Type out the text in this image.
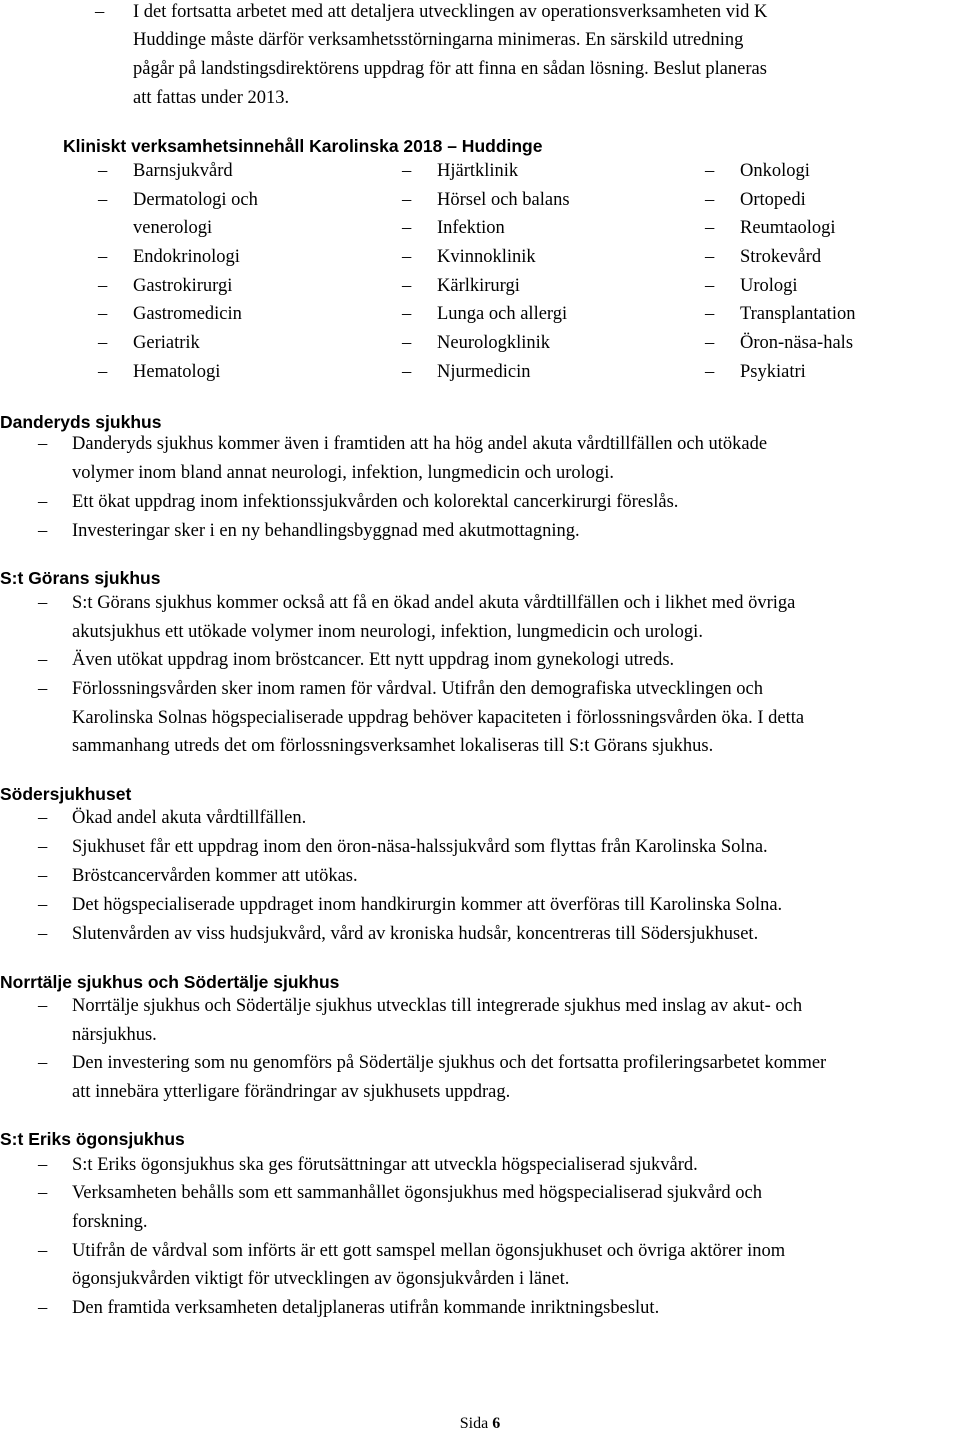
– I det fortsatta arbetet med att detaljera utvecklingen av operationsverksamheten vid K
Huddinge måste därför verksamhetsstörningarna minimeras. En särskild utredning
pågår på landstingsdirektörens uppdrag för att finna en sådan lösning. Beslut planeras
att fattas under 2013.
Kliniskt verksamhetsinnehåll Karolinska 2018 – Huddinge
– Barnsjukvård
– Dermatologi och
venerologi
– Endokrinologi
– Gastrokirurgi
– Gastromedicin
– Geriatrik
– Hematologi
– Hjärtklinik
– Hörsel och balans
– Infektion
– Kvinnoklinik
– Kärlkirurgi
– Lunga och allergi
– Neurologklinik
– Njurmedicin
– Onkologi
– Ortopedi
– Reumtaologi
– Strokevård
– Urologi
– Transplantation
– Öron-näsa-hals
– Psykiatri
Danderyds sjukhus
– Danderyds sjukhus kommer även i framtiden att ha hög andel akuta vårdtillfällen och utökade
volymer inom bland annat neurologi, infektion, lungmedicin och urologi.
– Ett ökat uppdrag inom infektionssjukvården och kolorektal cancerkirurgi föreslås.
– Investeringar sker i en ny behandlingsbyggnad med akutmottagning.
S:t Görans sjukhus
– S:t Görans sjukhus kommer också att få en ökad andel akuta vårdtillfällen och i likhet med övriga
akutsjukhus ett utökade volymer inom neurologi, infektion, lungmedicin och urologi.
– Även utökat uppdrag inom bröstcancer. Ett nytt uppdrag inom gynekologi utreds.
– Förlossningsvården sker inom ramen för vårdval. Utifrån den demografiska utvecklingen och
Karolinska Solnas högspecialiserade uppdrag behöver kapaciteten i förlossningsvården öka. I detta
sammanhang utreds det om förlossningsverksamhet lokaliseras till S:t Görans sjukhus.
Södersjukhuset
– Ökad andel akuta vårdtillfällen.
– Sjukhuset får ett uppdrag inom den öron-näsa-halssjukvård som flyttas från Karolinska Solna.
– Bröstcancervården kommer att utökas.
– Det högspecialiserade uppdraget inom handkirurgin kommer att överföras till Karolinska Solna.
– Slutenvården av viss hudsjukvård, vård av kroniska hudsår, koncentreras till Södersjukhuset.
Norrtälje sjukhus och Södertälje sjukhus
– Norrtälje sjukhus och Södertälje sjukhus utvecklas till integrerade sjukhus med inslag av akut- och
närsjukhus.
– Den investering som nu genomförs på Södertälje sjukhus och det fortsatta profileringsarbetet kommer
att innebära ytterligare förändringar av sjukhusets uppdrag.
S:t Eriks ögonsjukhus
– S:t Eriks ögonsjukhus ska ges förutsättningar att utveckla högspecialiserad sjukvård.
– Verksamheten behålls som ett sammanhållet ögonsjukhus med högspecialiserad sjukvård och
forskning.
– Utifrån de vårdval som införts är ett gott samspel mellan ögonsjukhuset och övriga aktörer inom
ögonsjukvården viktigt för utvecklingen av ögonsjukvården i länet.
– Den framtida verksamheten detaljplaneras utifrån kommande inriktningsbeslut.
Sida 6
